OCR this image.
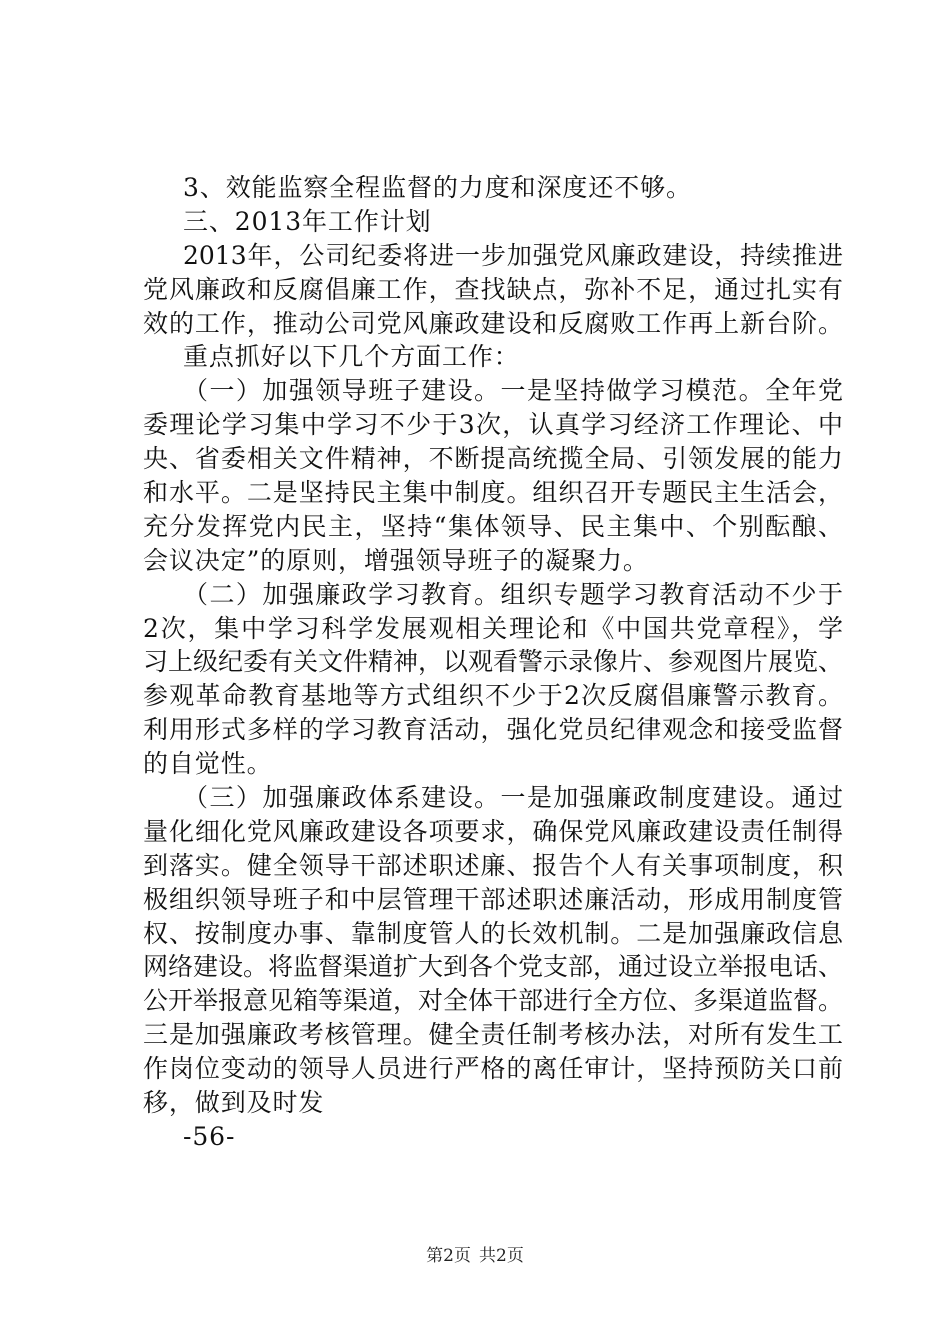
3、效能监察全程监督的力度和深度还不够。
三、2013年工作计划
2013年，公司纪委将进一步加强党风廉政建设，持续推进
党风廉政和反腐倡廉工作，查找缺点，弥补不足，通过扎实有
效的工作，推动公司党风廉政建设和反腐败工作再上新台阶。
重点抓好以下几个方面工作：
（一）加强领导班子建设。一是坚持做学习模范。全年党
委理论学习集中学习不少于3次，认真学习经济工作理论、中
央、省委相关文件精神，不断提高统揽全局、引领发展的能力
和水平。二是坚持民主集中制度。组织召开专题民主生活会，
充分发挥党内民主，坚持“集体领导、民主集中、个别酝酿、
会议决定”的原则，增强领导班子的凝聚力。
（二）加强廉政学习教育。组织专题学习教育活动不少于
2次，集中学习科学发展观相关理论和《中国共党章程》，学
习上级纪委有关文件精神，以观看警示录像片、参观图片展览、
参观革命教育基地等方式组织不少于2次反腐倡廉警示教育。
利用形式多样的学习教育活动，强化党员纪律观念和接受监督
的自觉性。
（三）加强廉政体系建设。一是加强廉政制度建设。通过
量化细化党风廉政建设各项要求，确保党风廉政建设责任制得
到落实。健全领导干部述职述廉、报告个人有关事项制度，积
极组织领导班子和中层管理干部述职述廉活动，形成用制度管
权、按制度办事、靠制度管人的长效机制。二是加强廉政信息
网络建设。将监督渠道扩大到各个党支部，通过设立举报电话、
公开举报意见箱等渠道，对全体干部进行全方位、多渠道监督。
三是加强廉政考核管理。健全责任制考核办法，对所有发生工
作岗位变动的领导人员进行严格的离任审计，坚持预防关口前
移，做到及时发
-56-
第2页 共2页
